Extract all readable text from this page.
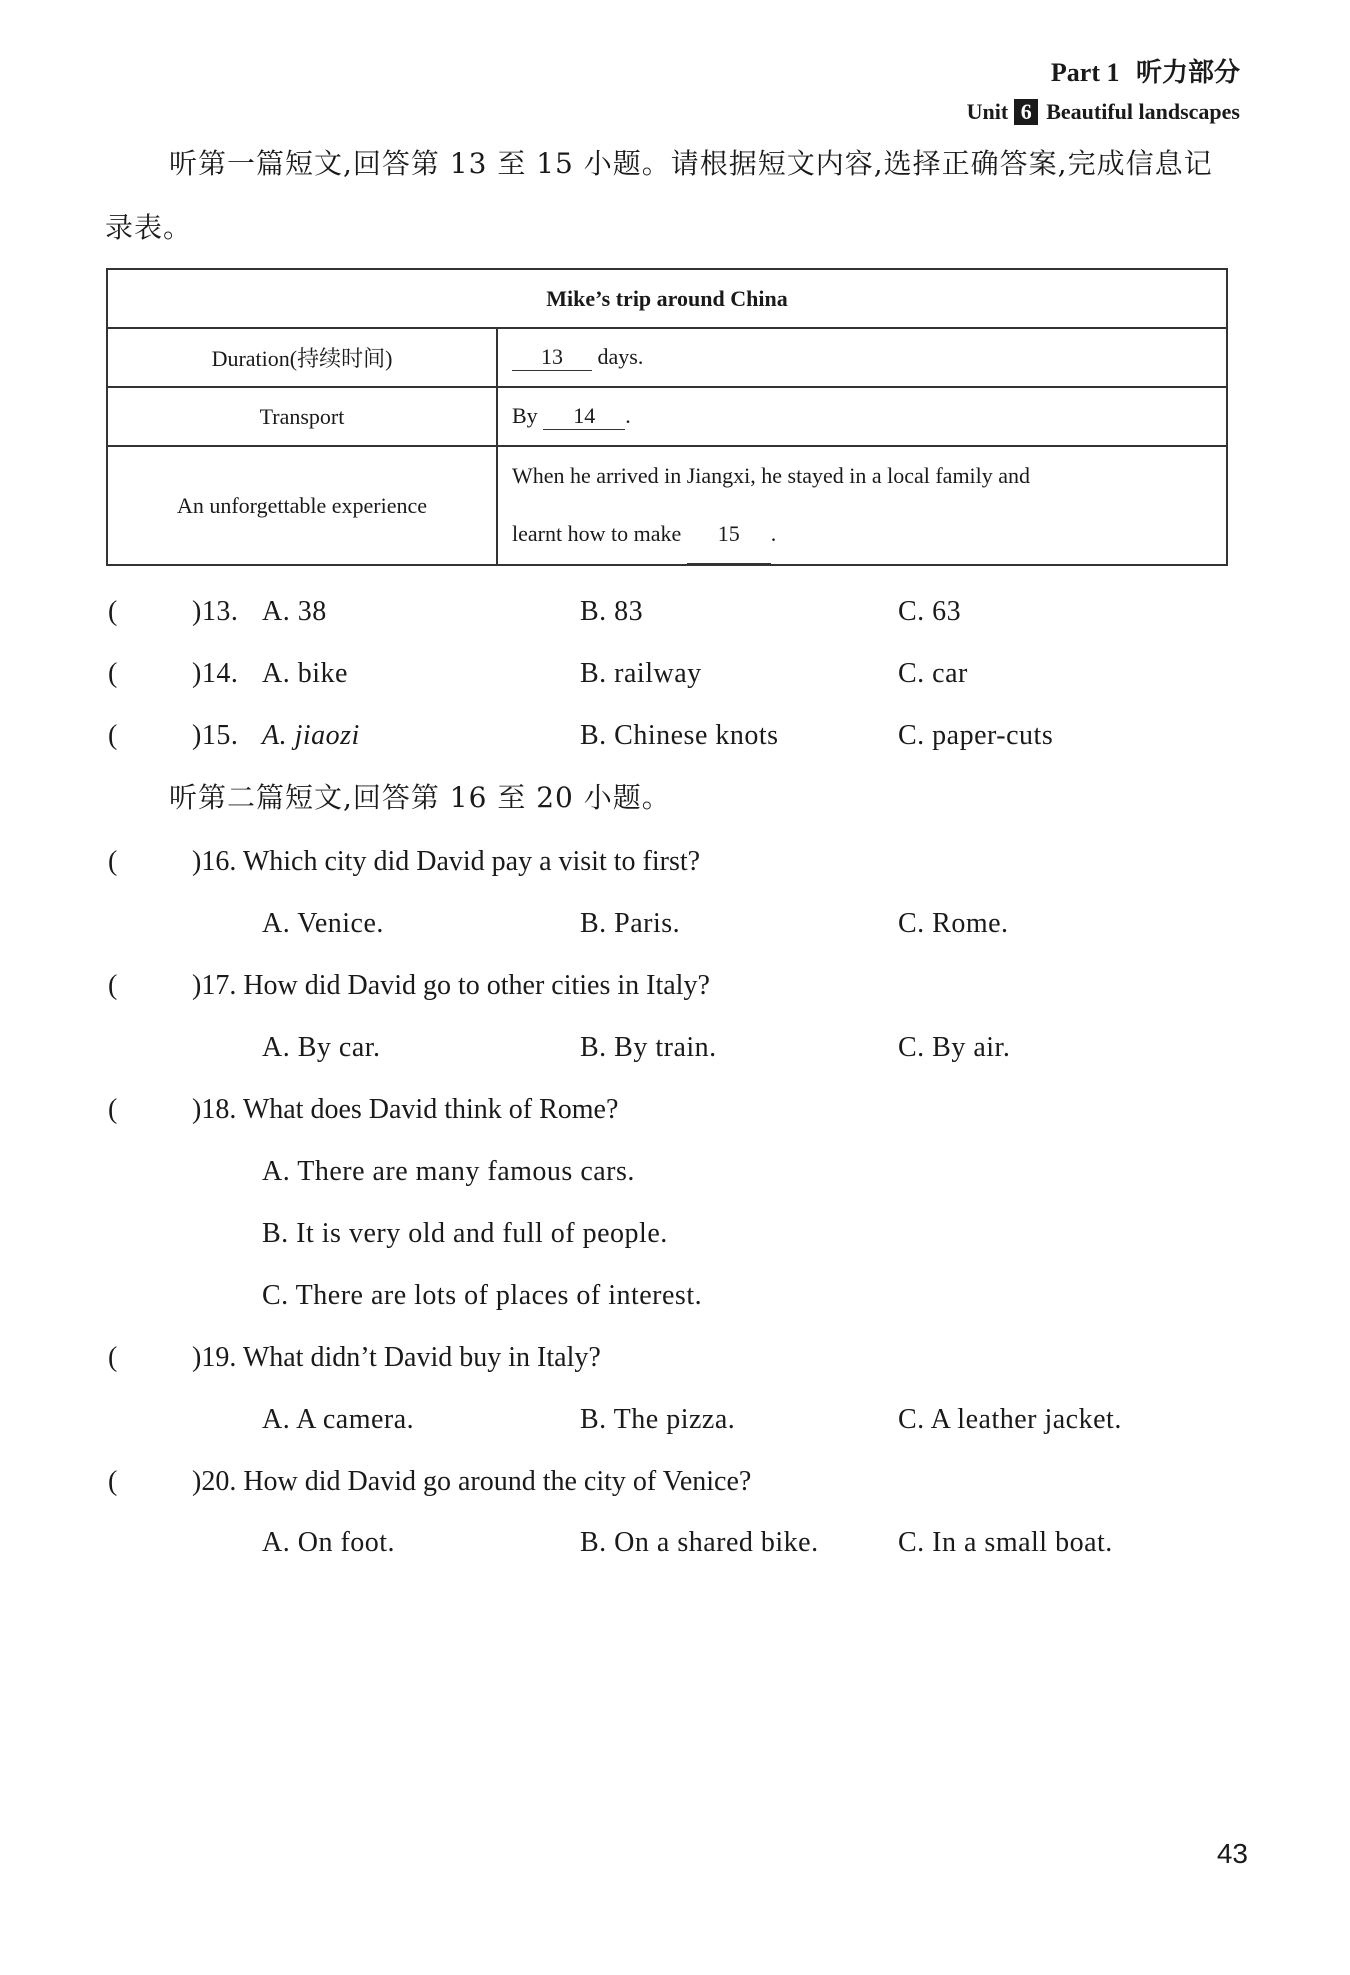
Part 1 听力部分
Unit 6 Beautiful landscapes
听第一篇短文,回答第 13 至 15 小题。请根据短文内容,选择正确答案,完成信息记录表。
Mike’s trip around China	
Duration(持续时间)	13 days.
Transport	By 14 .
An unforgettable experience	When he arrived in Jiangxi, he stayed in a local family and
learnt how to make 15 .
(	)13. A. 38	B. 83	C. 63
(	)14. A. bike	B. railway	C. car
(	)15. A. jiaozi	B. Chinese knots	C. paper-cuts
听第二篇短文,回答第 16 至 20 小题。
(	)16. Which city did David pay a visit to first?
A. Venice.	B. Paris.	C. Rome.
(	)17. How did David go to other cities in Italy?
A. By car.	B. By train.	C. By air.
(	)18. What does David think of Rome?
A. There are many famous cars.
B. It is very old and full of people.
C. There are lots of places of interest.
(	)19. What didn’t David buy in Italy?
A. A camera.	B. The pizza.	C. A leather jacket.
(	)20. How did David go around the city of Venice?
A. On foot.	B. On a shared bike.	C. In a small boat.
43
